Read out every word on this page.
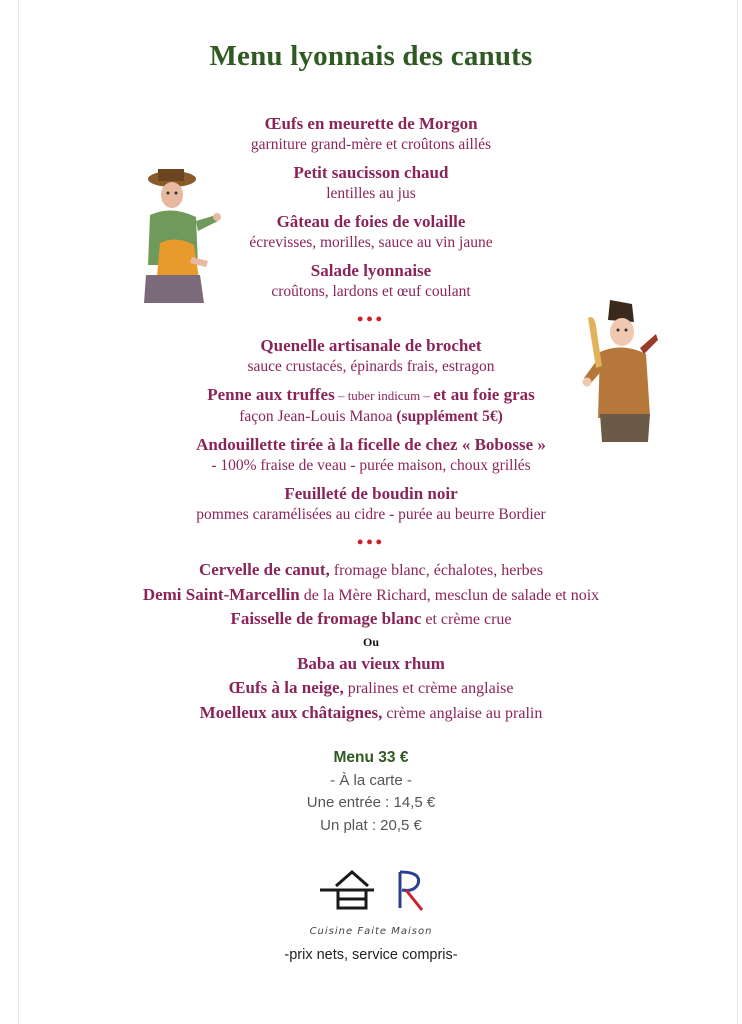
Menu lyonnais des canuts
Œufs en meurette de Morgon
garniture grand-mère et croûtons aillés
Petit saucisson chaud
lentilles au jus
Gâteau de foies de volaille
écrevisses, morilles, sauce au vin jaune
Salade lyonnaise
croûtons, lardons et œuf coulant
•••
Quenelle artisanale de brochet
sauce crustacés, épinards frais, estragon
Penne aux truffes – tuber indicum – et au foie gras
façon Jean-Louis Manoa (supplément 5€)
Andouillette tirée à la ficelle de chez « Bobosse »
- 100% fraise de veau - purée maison, choux grillés
Feuilleté de boudin noir
pommes caramélisées au cidre - purée au beurre Bordier
•••
Cervelle de canut, fromage blanc, échalotes, herbes
Demi Saint-Marcellin de la Mère Richard, mesclun de salade et noix
Faisselle de fromage blanc et crème crue
Ou
Baba au vieux rhum
Œufs à la neige, pralines et crème anglaise
Moelleux aux châtaignes, crème anglaise au pralin
Menu 33 €
- À la carte -
Une entrée : 14,5 €
Un plat : 20,5 €
Cuisine Faite Maison
-prix nets, service compris-
